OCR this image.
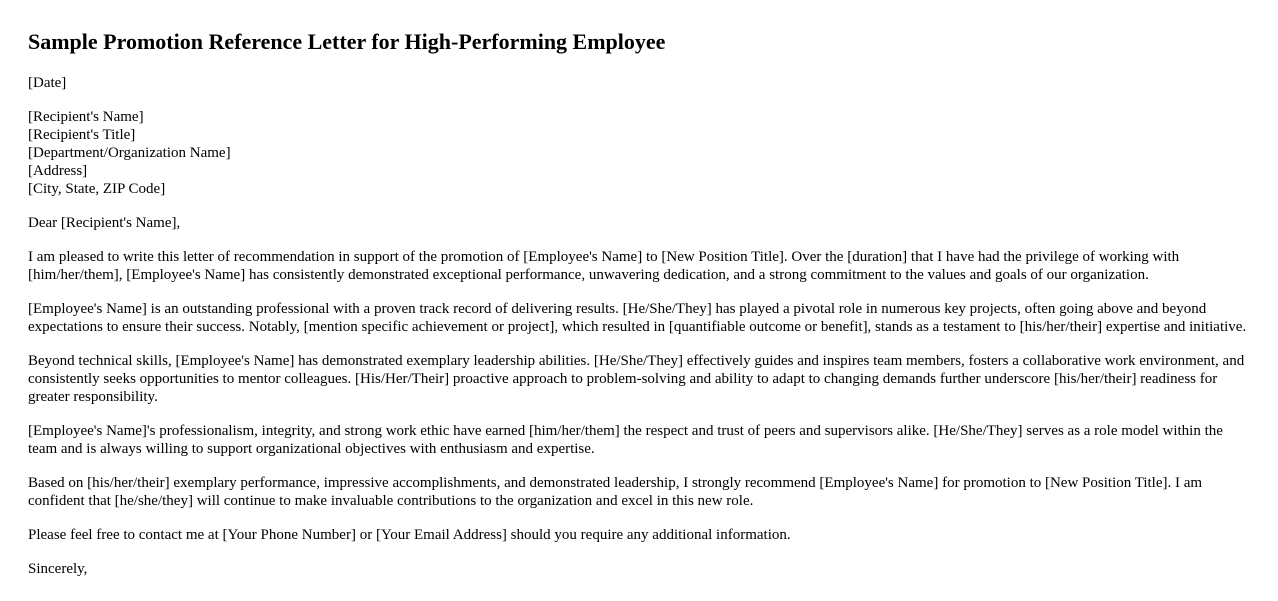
Sample Promotion Reference Letter for High-Performing Employee
[Date]
[Recipient's Name]
[Recipient's Title]
[Department/Organization Name]
[Address]
[City, State, ZIP Code]
Dear [Recipient's Name],

I am pleased to write this letter of recommendation in support of the promotion of [Employee's Name] to [New Position Title]. Over the [duration] that I have had the privilege of working with [him/her/them], [Employee's Name] has consistently demonstrated exceptional performance, unwavering dedication, and a strong commitment to the values and goals of our organization.

[Employee's Name] is an outstanding professional with a proven track record of delivering results. [He/She/They] has played a pivotal role in numerous key projects, often going above and beyond expectations to ensure their success. Notably, [mention specific achievement or project], which resulted in [quantifiable outcome or benefit], stands as a testament to [his/her/their] expertise and initiative.

Beyond technical skills, [Employee's Name] has demonstrated exemplary leadership abilities. [He/She/They] effectively guides and inspires team members, fosters a collaborative work environment, and consistently seeks opportunities to mentor colleagues. [His/Her/Their] proactive approach to problem-solving and ability to adapt to changing demands further underscore [his/her/their] readiness for greater responsibility.

[Employee's Name]'s professionalism, integrity, and strong work ethic have earned [him/her/them] the respect and trust of peers and supervisors alike. [He/She/They] serves as a role model within the team and is always willing to support organizational objectives with enthusiasm and expertise.

Based on [his/her/their] exemplary performance, impressive accomplishments, and demonstrated leadership, I strongly recommend [Employee's Name] for promotion to [New Position Title]. I am confident that [he/she/they] will continue to make invaluable contributions to the organization and excel in this new role.

Please feel free to contact me at [Your Phone Number] or [Your Email Address] should you require any additional information.

Sincerely,
